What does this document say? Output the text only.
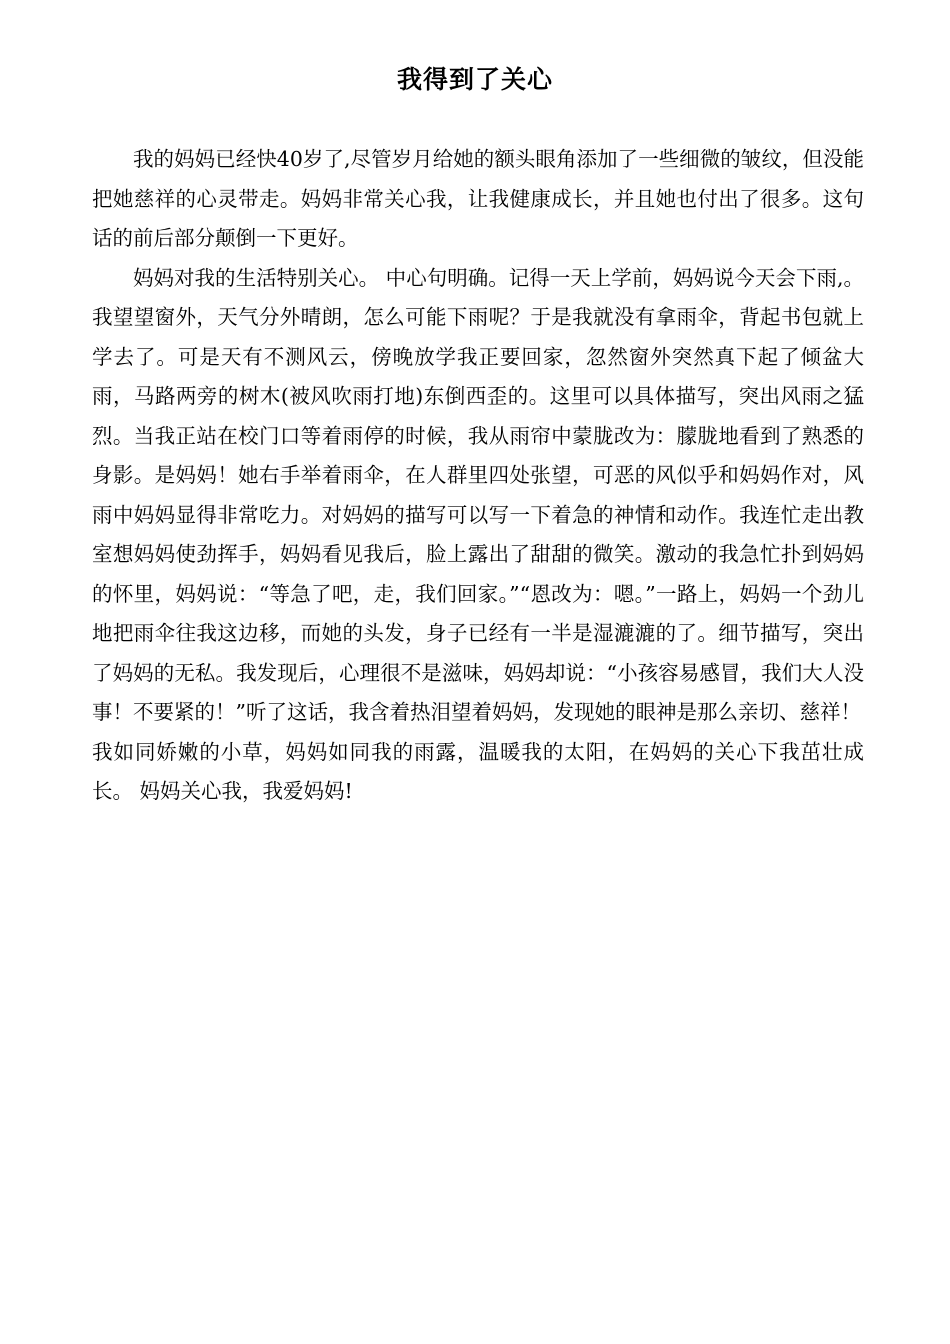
我得到了关心

我的妈妈已经快40岁了,尽管岁月给她的额头眼角添加了一些细微的皱纹，但没能把她慈祥的心灵带走。妈妈非常关心我，让我健康成长，并且她也付出了很多。这句话的前后部分颠倒一下更好。

妈妈对我的生活特别关心。 中心句明确。记得一天上学前，妈妈说今天会下雨,。我望望窗外，天气分外晴朗，怎么可能下雨呢？于是我就没有拿雨伞，背起书包就上学去了。可是天有不测风云，傍晚放学我正要回家，忽然窗外突然真下起了倾盆大雨，马路两旁的树木(被风吹雨打地)东倒西歪的。这里可以具体描写，突出风雨之猛烈。当我正站在校门口等着雨停的时候，我从雨帘中蒙胧改为：朦胧地看到了熟悉的身影。是妈妈！她右手举着雨伞，在人群里四处张望，可恶的风似乎和妈妈作对，风雨中妈妈显得非常吃力。对妈妈的描写可以写一下着急的神情和动作。我连忙走出教室想妈妈使劲挥手，妈妈看见我后，脸上露出了甜甜的微笑。激动的我急忙扑到妈妈的怀里，妈妈说：“等急了吧，走，我们回家。”“恩改为：嗯。”一路上，妈妈一个劲儿地把雨伞往我这边移，而她的头发，身子已经有一半是湿漉漉的了。细节描写，突出了妈妈的无私。我发现后，心理很不是滋味，妈妈却说：“小孩容易感冒，我们大人没事！不要紧的！”听了这话，我含着热泪望着妈妈，发现她的眼神是那么亲切、慈祥！

我如同娇嫩的小草，妈妈如同我的雨露，温暖我的太阳，在妈妈的关心下我茁壮成长。 妈妈关心我，我爱妈妈!
